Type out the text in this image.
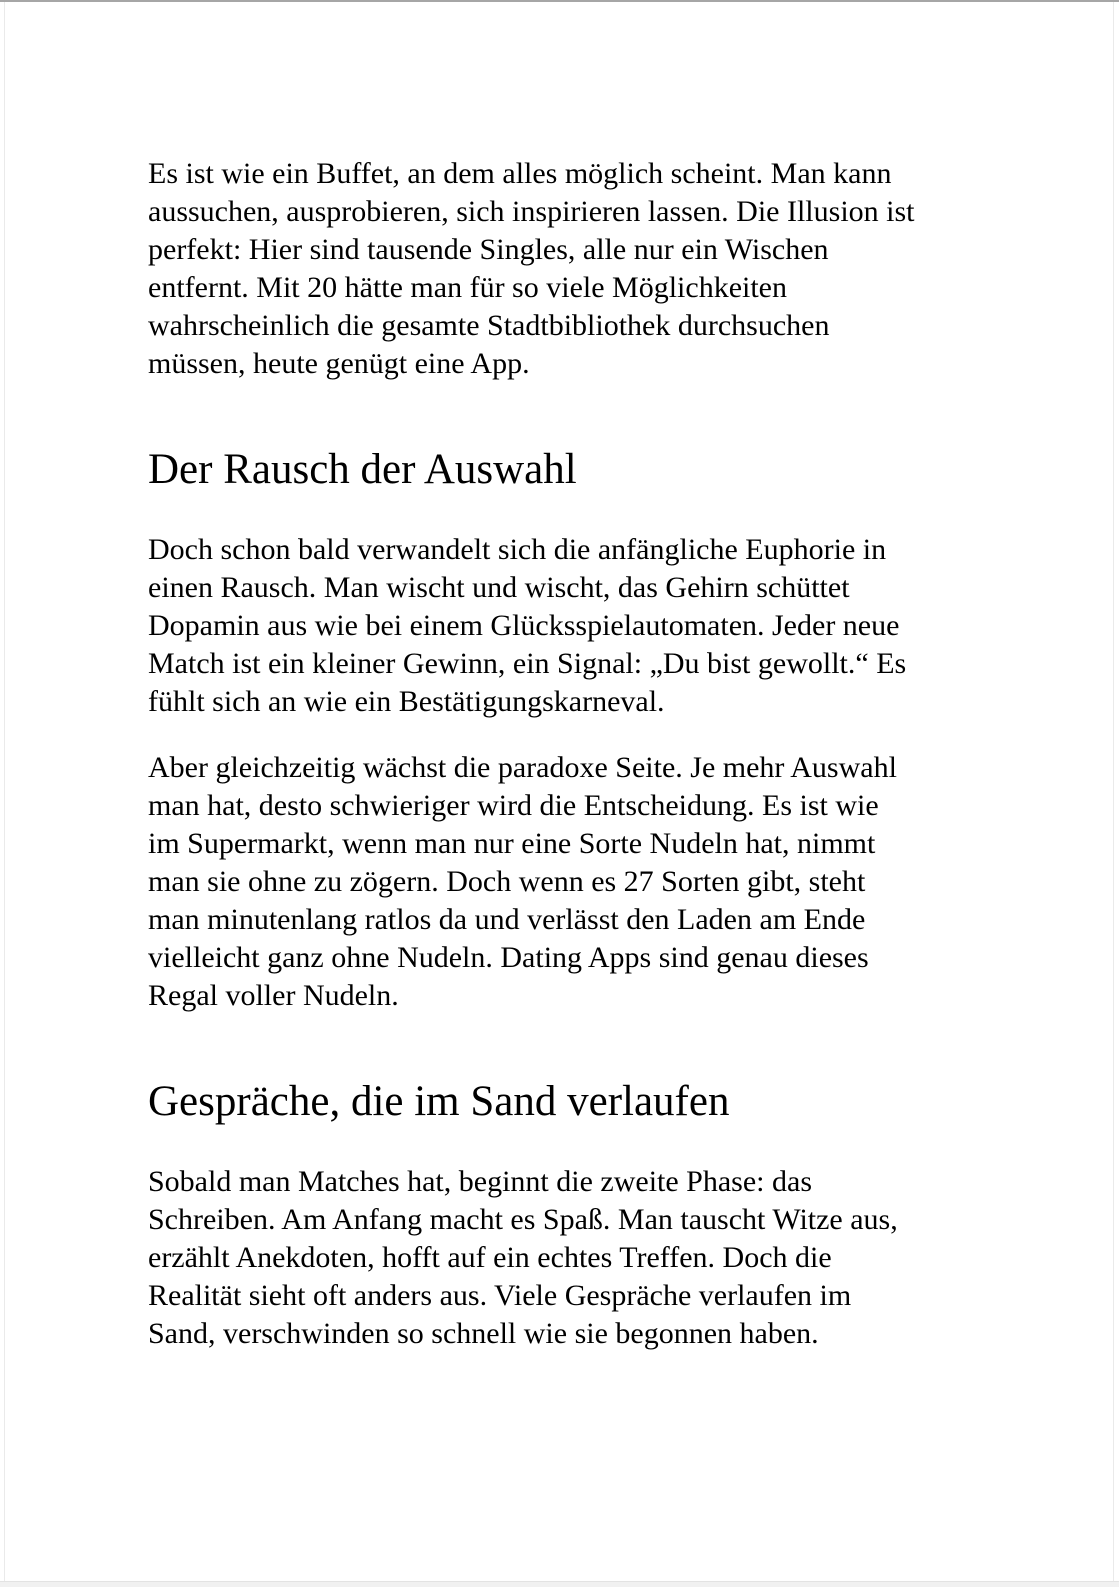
Es ist wie ein Buffet, an dem alles möglich scheint. Man kann
aussuchen, ausprobieren, sich inspirieren lassen. Die Illusion ist
perfekt: Hier sind tausende Singles, alle nur ein Wischen
entfernt. Mit 20 hätte man für so viele Möglichkeiten
wahrscheinlich die gesamte Stadtbibliothek durchsuchen
müssen, heute genügt eine App.

Der Rausch der Auswahl

Doch schon bald verwandelt sich die anfängliche Euphorie in
einen Rausch. Man wischt und wischt, das Gehirn schüttet
Dopamin aus wie bei einem Glücksspielautomaten. Jeder neue
Match ist ein kleiner Gewinn, ein Signal: „Du bist gewollt.“ Es
fühlt sich an wie ein Bestätigungskarneval.

Aber gleichzeitig wächst die paradoxe Seite. Je mehr Auswahl
man hat, desto schwieriger wird die Entscheidung. Es ist wie
im Supermarkt, wenn man nur eine Sorte Nudeln hat, nimmt
man sie ohne zu zögern. Doch wenn es 27 Sorten gibt, steht
man minutenlang ratlos da und verlässt den Laden am Ende
vielleicht ganz ohne Nudeln. Dating Apps sind genau dieses
Regal voller Nudeln.

Gespräche, die im Sand verlaufen

Sobald man Matches hat, beginnt die zweite Phase: das
Schreiben. Am Anfang macht es Spaß. Man tauscht Witze aus,
erzählt Anekdoten, hofft auf ein echtes Treffen. Doch die
Realität sieht oft anders aus. Viele Gespräche verlaufen im
Sand, verschwinden so schnell wie sie begonnen haben.
